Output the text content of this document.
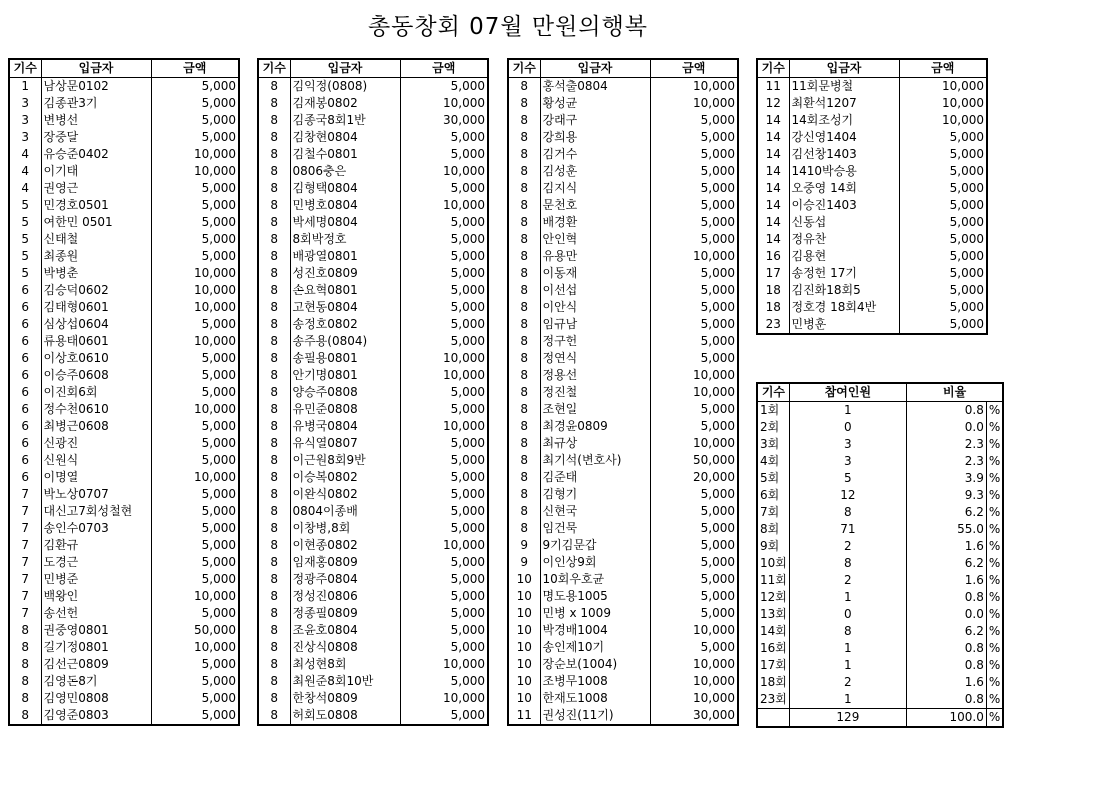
총동창회 07월 만원의행복
기수	입금자	금액
1	남상문0102	5,000
3	김종관3기	5,000
3	변병선	5,000
3	장중달	5,000
4	유승준0402	10,000
4	이기태	10,000
4	권영근	5,000
5	민경호0501	5,000
5	여한민 0501	5,000
5	신태철	5,000
5	최종원	5,000
5	박병춘	10,000
6	김승덕0602	10,000
6	김태형0601	10,000
6	심상섭0604	5,000
6	류용태0601	10,000
6	이상호0610	5,000
6	이승주0608	5,000
6	이진회6회	5,000
6	정수천0610	10,000
6	최병근0608	5,000
6	신광진	5,000
6	신원식	5,000
6	이명열	10,000
7	박노상0707	5,000
7	대신고7회성철현	5,000
7	송인수0703	5,000
7	김환규	5,000
7	도경근	5,000
7	민병준	5,000
7	백왕인	10,000
7	송선헌	5,000
8	권중영0801	50,000
8	길기정0801	10,000
8	김선근0809	5,000
8	김영돈8기	5,000
8	김영민0808	5,000
8	김영준0803	5,000
기수	입금자	금액
8	김익정(0808)	5,000
8	김재봉0802	10,000
8	김종국8회1반	30,000
8	김창현0804	5,000
8	김철수0801	5,000
8	0806충은	10,000
8	김형택0804	5,000
8	민병호0804	10,000
8	박세명0804	5,000
8	8회박정호	5,000
8	배광열0801	5,000
8	성진호0809	5,000
8	손요혁0801	5,000
8	고현동0804	5,000
8	송정호0802	5,000
8	송주용(0804)	5,000
8	송필용0801	10,000
8	안기명0801	10,000
8	양승주0808	5,000
8	유민준0808	5,000
8	유병국0804	10,000
8	유식열0807	5,000
8	이근원8회9반	5,000
8	이승복0802	5,000
8	이완식0802	5,000
8	0804이종배	5,000
8	이창병,8회	5,000
8	이현종0802	10,000
8	임재홍0809	5,000
8	정광주0804	5,000
8	정성진0806	5,000
8	정종필0809	5,000
8	조윤호0804	5,000
8	진상식0808	5,000
8	최성현8회	10,000
8	최원준8회10반	5,000
8	한창석0809	10,000
8	허회도0808	5,000
기수	입금자	금액
8	홍석출0804	10,000
8	황성균	10,000
8	강래구	5,000
8	강희용	5,000
8	김거수	5,000
8	김성훈	5,000
8	김지식	5,000
8	문천호	5,000
8	배경환	5,000
8	안인혁	5,000
8	유용만	10,000
8	이동재	5,000
8	이선섭	5,000
8	이안식	5,000
8	임규남	5,000
8	정구헌	5,000
8	정연식	5,000
8	정용선	10,000
8	정진철	10,000
8	조현일	5,000
8	최경윤0809	5,000
8	최규상	10,000
8	최기석(변호사)	50,000
8	김준태	20,000
8	김형기	5,000
8	신현국	5,000
8	임건묵	5,000
9	9기김문갑	5,000
9	이인상9회	5,000
10	10회우호균	5,000
10	명도용1005	5,000
10	민병 x 1009	5,000
10	박경배1004	10,000
10	송인제10기	5,000
10	장순보(1004)	10,000
10	조병무1008	10,000
10	한재도1008	10,000
11	권성진(11기)	30,000
기수	입금자	금액
11	11회문병철	10,000
12	최환석1207	10,000
14	14회조성기	10,000
14	강신영1404	5,000
14	김선창1403	5,000
14	1410박승용	5,000
14	오중영 14회	5,000
14	이승진1403	5,000
14	신동섭	5,000
14	정유찬	5,000
16	김용현	5,000
17	송정헌 17기	5,000
18	김진화18회5	5,000
18	정호경 18회4반	5,000
23	민병훈	5,000
기수	참여인원	비율	
1회	1	0.8	%
2회	0	0.0	%
3회	3	2.3	%
4회	3	2.3	%
5회	5	3.9	%
6회	12	9.3	%
7회	8	6.2	%
8회	71	55.0	%
9회	2	1.6	%
10회	8	6.2	%
11회	2	1.6	%
12회	1	0.8	%
13회	0	0.0	%
14회	8	6.2	%
16회	1	0.8	%
17회	1	0.8	%
18회	2	1.6	%
23회	1	0.8	%
	129	100.0	%
